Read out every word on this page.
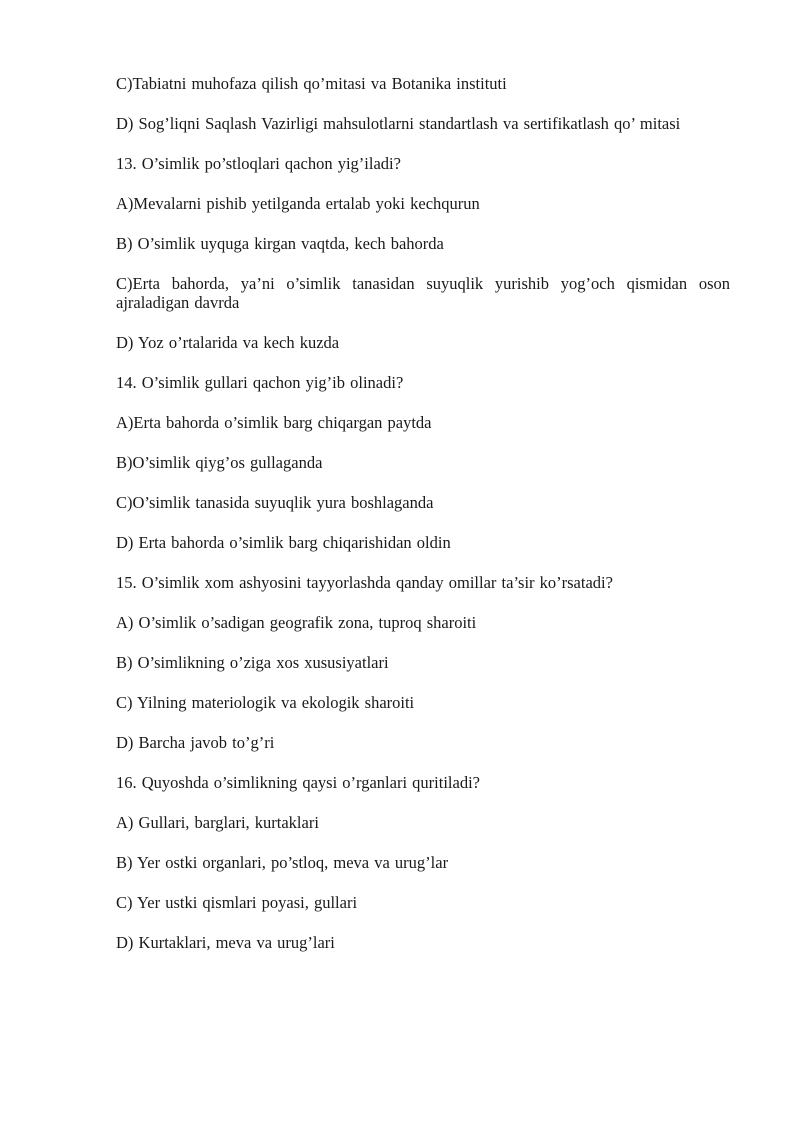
C)Tabiatni muhofaza qilish qo’mitasi va Botanika instituti

D) Sog’liqni Saqlash Vazirligi mahsulotlarni standartlash va sertifikatlash qo’ mitasi

13. O’simlik po’stloqlari qachon yig’iladi?

A)Mevalarni pishib yetilganda ertalab yoki kechqurun

B) O’simlik uyquga kirgan vaqtda, kech bahorda

C)Erta bahorda, ya’ni o’simlik tanasidan suyuqlik yurishib yog’och qismidan oson ajraladigan davrda

D) Yoz o’rtalarida va kech kuzda

14. O’simlik gullari qachon yig’ib olinadi?

A)Erta bahorda o’simlik barg chiqargan paytda

B)O’simlik qiyg’os gullaganda

C)O’simlik tanasida suyuqlik yura boshlaganda

D) Erta bahorda o’simlik barg chiqarishidan oldin

15. O’simlik xom ashyosini tayyorlashda qanday omillar ta’sir ko’rsatadi?

A) O’simlik o’sadigan geografik zona, tuproq sharoiti

B) O’simlikning o’ziga xos xususiyatlari

C) Yilning materiologik va ekologik sharoiti

D) Barcha javob to’g’ri

16. Quyoshda o’simlikning qaysi o’rganlari quritiladi?

A) Gullari, barglari, kurtaklari

B) Yer ostki organlari, po’stloq, meva va urug’lar

C) Yer ustki qismlari poyasi, gullari

D) Kurtaklari, meva va urug’lari
